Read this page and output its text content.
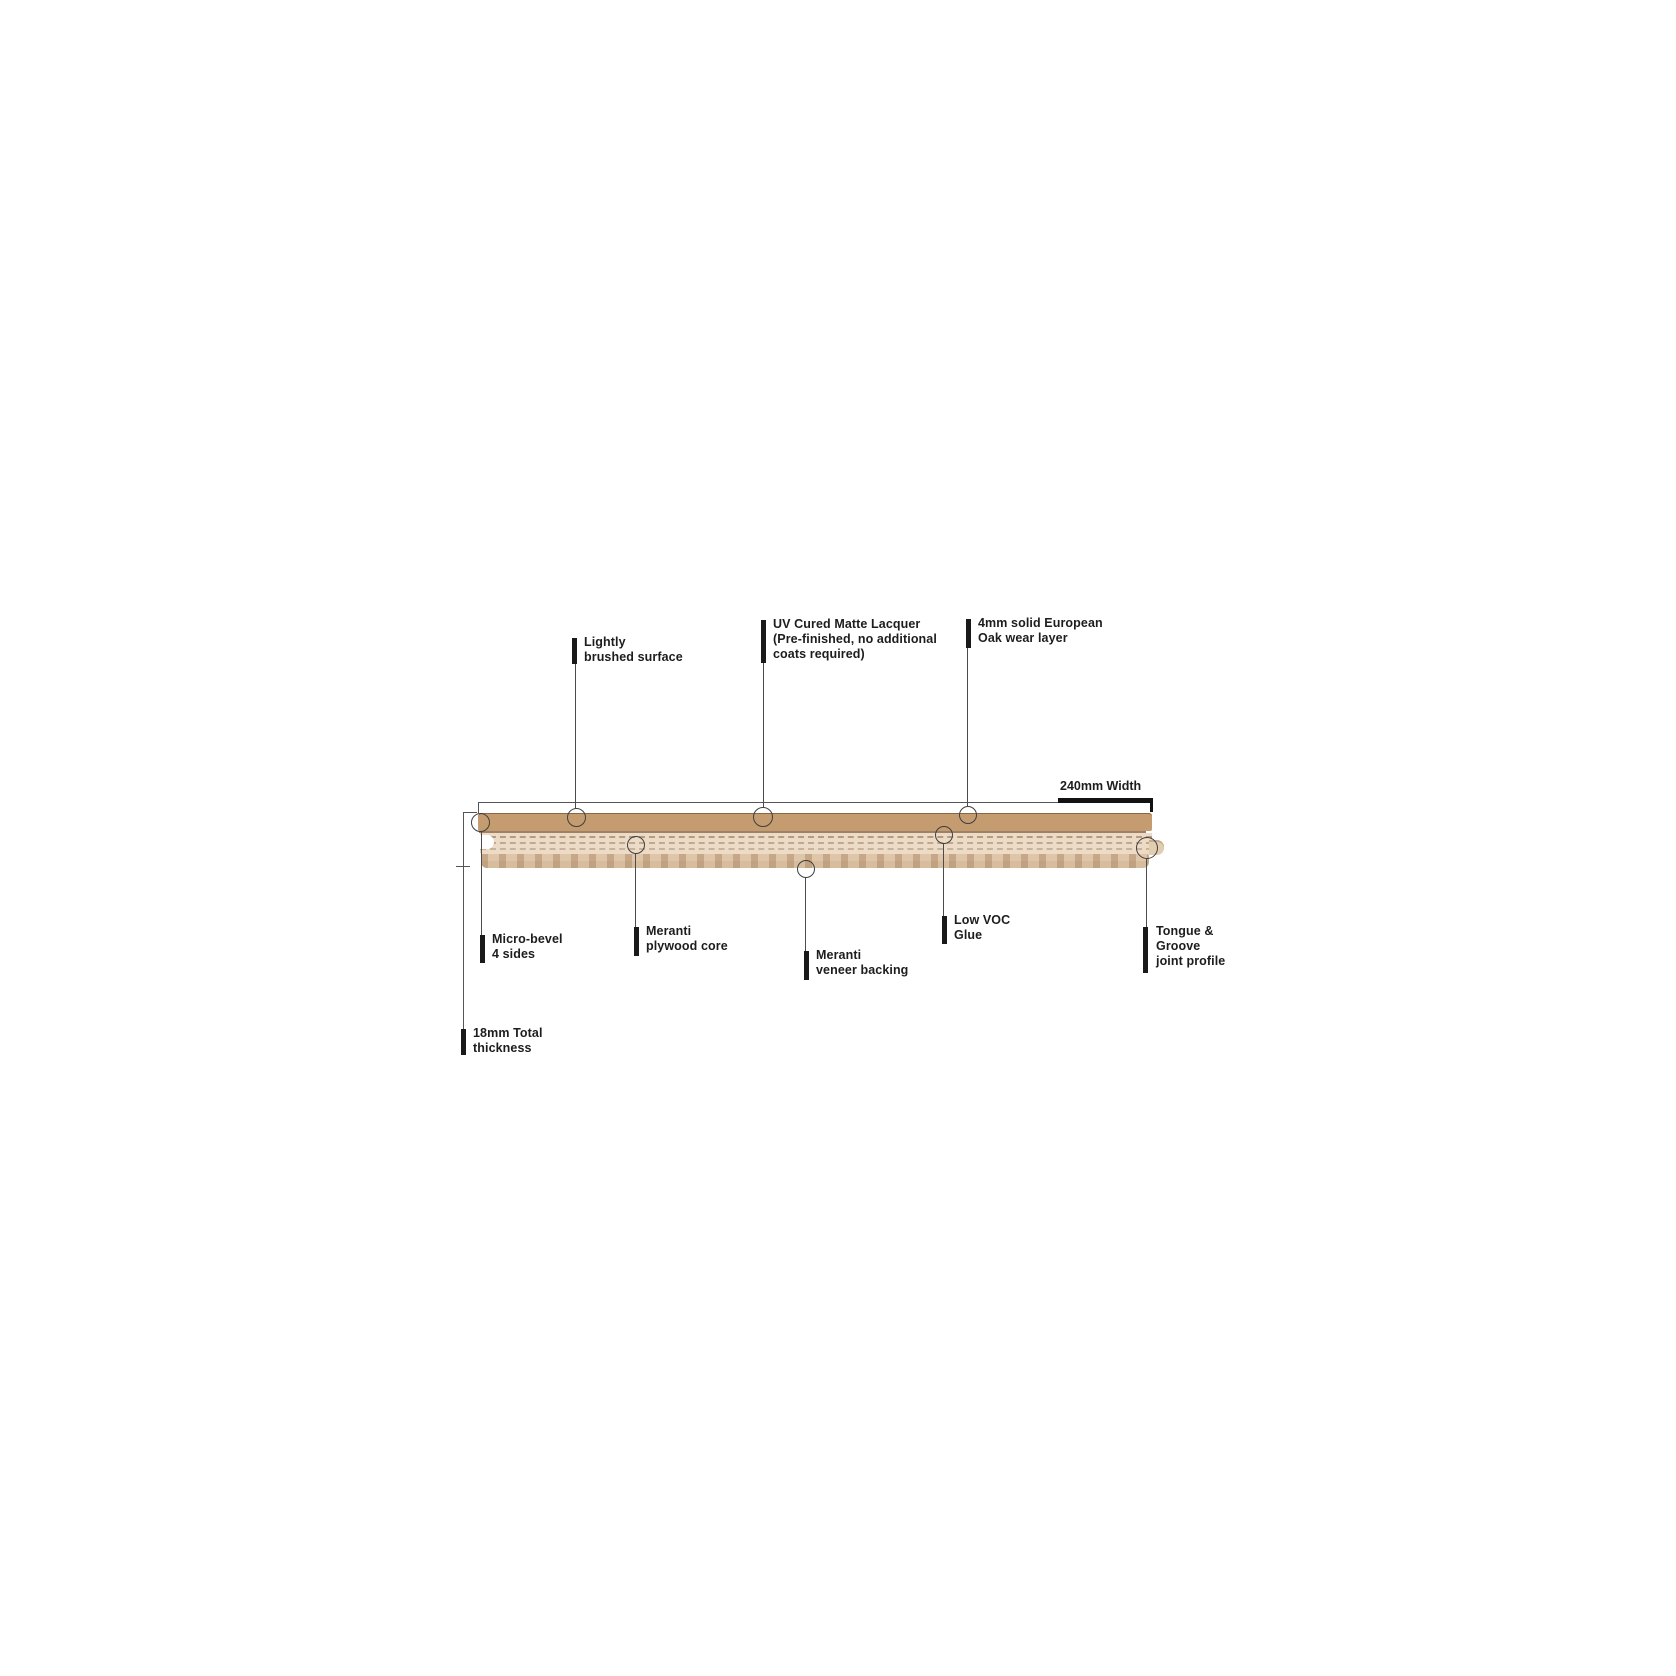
240mm Width
Lightly
brushed surface
UV Cured Matte Lacquer
(Pre-finished, no additional
coats required)
4mm solid European
Oak wear layer
Micro-bevel
4 sides
Meranti
plywood core
Meranti
veneer backing
Low VOC
Glue	Tongue &
Groove
joint profile
18mm Total
thickness
